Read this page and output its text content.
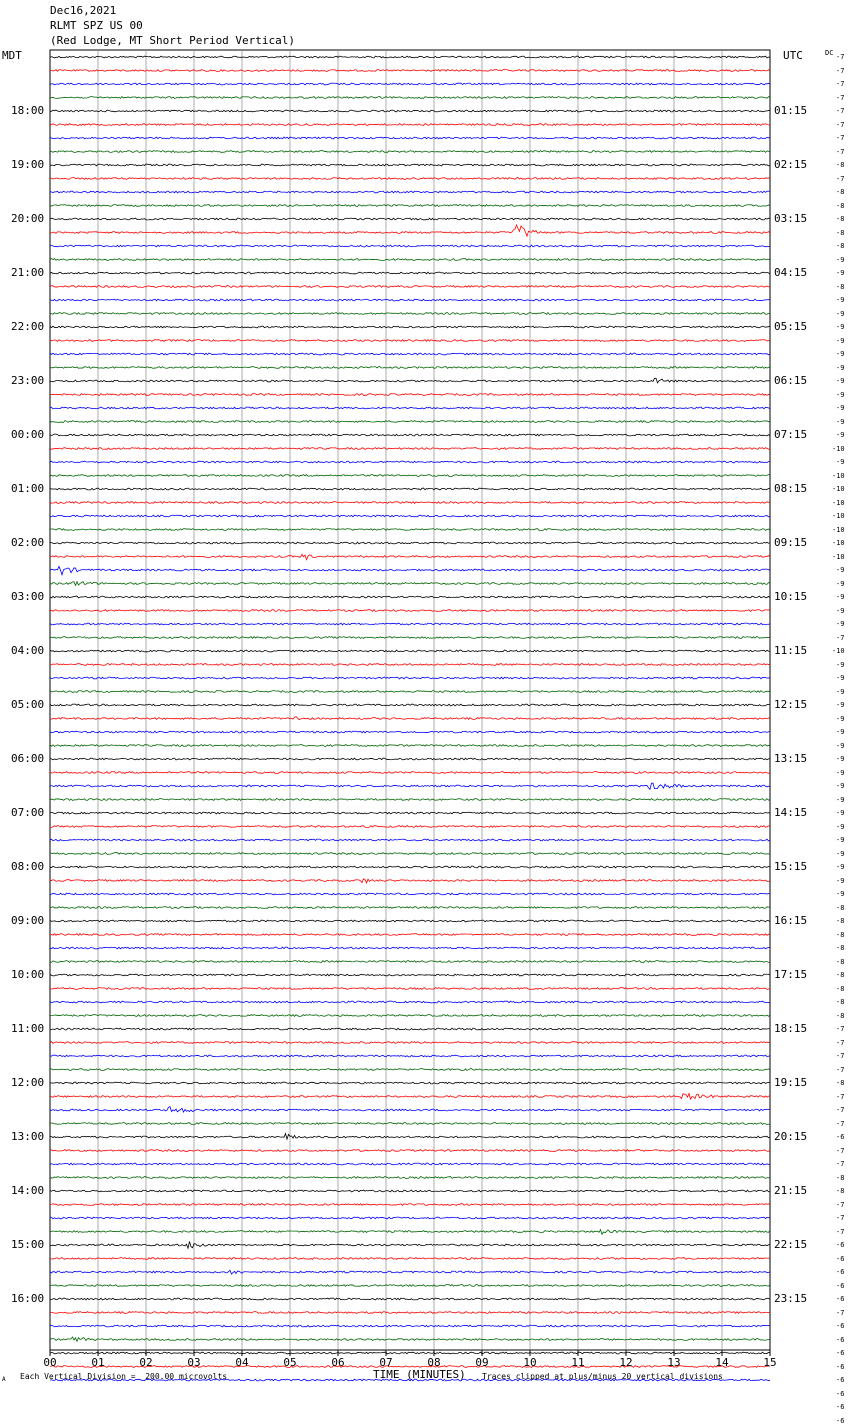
00	01	02	03	04	05	06	07	08	09	10	11	12	13	14	15
Dec16,2021
RLMT SPZ US 00
(Red Lodge, MT Short Period Vertical)
MDT	UTC	DC
18:00
19:00
20:00
21:00
22:00
23:00
00:00
01:00
02:00
03:00
04:00
05:00
06:00
07:00
08:00
09:00
10:00
11:00
12:00
13:00
14:00
15:00
16:00
01:15
02:15
03:15
04:15
05:15
06:15
07:15
08:15
09:15
10:15
11:15
12:15
13:15
14:15
15:15
16:15
17:15
18:15
19:15
20:15
21:15
22:15
23:15
-7
-7
-7
-7
-7
-7
-7
-7
-8
-7
-8
-8
-8
-8
-8
-9
-9
-8
-9
-9
-9
-9
-9
-9
-9
-9
-9
-9
-9
-10
-9
-10
-10
-10
-10
-10
-10
-10
-9
-9
-9
-9
-9
-7
-10
-9
-9
-9
-9
-9
-9
-9
-9
-9
-9
-9
-9
-9
-9
-9
-9
-9
-9
-8
-8
-8
-8
-8
-8
-8
-8
-8
-7
-7
-7
-7
-8
-7
-7
-7
-6
-7
-7
-8
-8
-7
-7
-7
-6
-6
-6
-6
-6
-7
-6
-6
-6
-6
-6
-6
-6
-6
TIME (MINUTES)
Each Vertical Division =  200.00 microvolts	Traces clipped at plus/minus 20 vertical divisions
A
